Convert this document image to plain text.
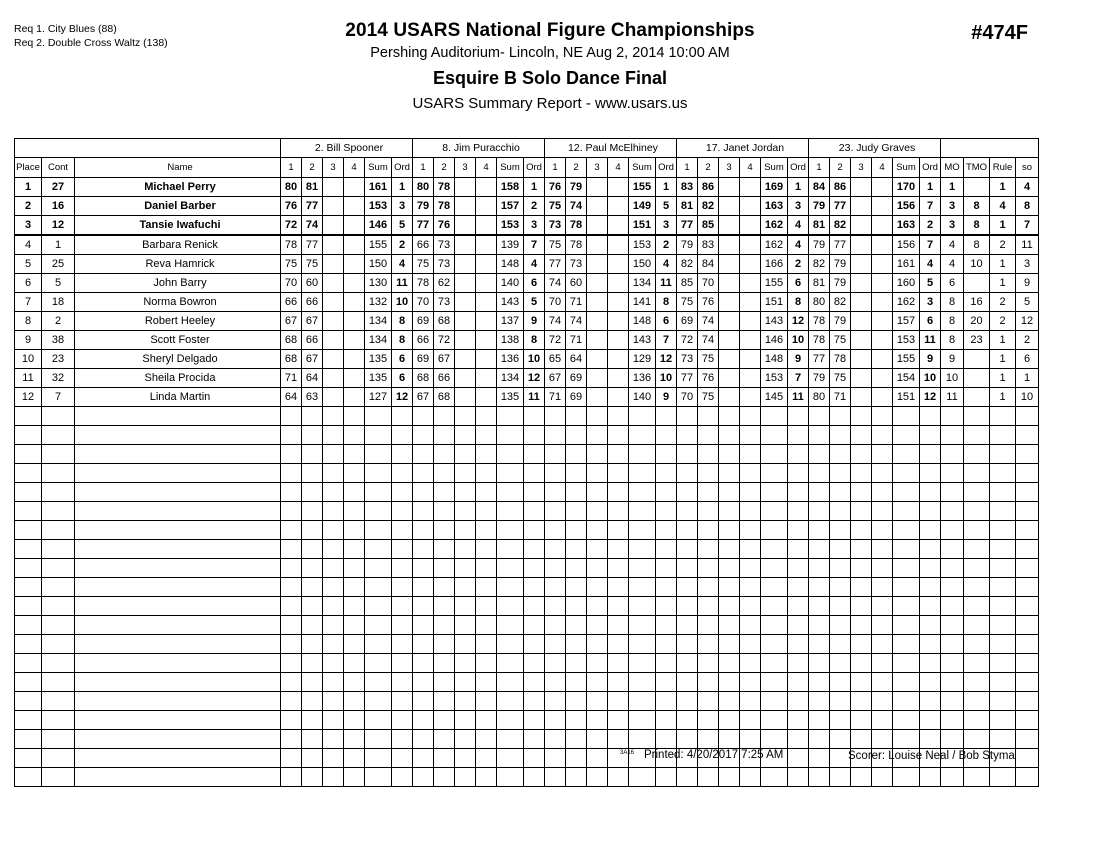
Req 1. City Blues (88)
Req 2. Double Cross Waltz (138)
2014 USARS National Figure Championships
Pershing Auditorium- Lincoln, NE Aug 2, 2014 10:00 AM
Esquire B Solo Dance Final
USARS Summary Report - www.usars.us
#474F
			2. Bill Spooner						8. Jim Puracchio						12. Paul McElhiney						17. Janet Jordan						23. Judy Graves									
Place	Cont	Name	1	2	3	4	Sum	Ord	1	2	3	4	Sum	Ord	1	2	3	4	Sum	Ord	1	2	3	4	Sum	Ord	1	2	3	4	Sum	Ord	MO	TMO	Rule	so
1	27	Michael Perry	80	81			161	1	80	78			158	1	76	79			155	1	83	86			169	1	84	86			170	1	1		1	4
2	16	Daniel Barber	76	77			153	3	79	78			157	2	75	74			149	5	81	82			163	3	79	77			156	7	3	8	4	8
3	12	Tansie Iwafuchi	72	74			146	5	77	76			153	3	73	78			151	3	77	85			162	4	81	82			163	2	3	8	1	7
4	1	Barbara Renick	78	77			155	2	66	73			139	7	75	78			153	2	79	83			162	4	79	77			156	7	4	8	2	11
5	25	Reva Hamrick	75	75			150	4	75	73			148	4	77	73			150	4	82	84			166	2	82	79			161	4	4	10	1	3
6	5	John Barry	70	60			130	11	78	62			140	6	74	60			134	11	85	70			155	6	81	79			160	5	6		1	9
7	18	Norma Bowron	66	66			132	10	70	73			143	5	70	71			141	8	75	76			151	8	80	82			162	3	8	16	2	5
8	2	Robert Heeley	67	67			134	8	69	68			137	9	74	74			148	6	69	74			143	12	78	79			157	6	8	20	2	12
9	38	Scott Foster	68	66			134	8	66	72			138	8	72	71			143	7	72	74			146	10	78	75			153	11	8	23	1	2
10	23	Sheryl Delgado	68	67			135	6	69	67			136	10	65	64			129	12	73	75			148	9	77	78			155	9	9		1	6
11	32	Sheila Procida	71	64			135	6	68	66			134	12	67	69			136	10	77	76			153	7	79	75			154	10	10		1	1
12	7	Linda Martin	64	63			127	12	67	68			135	11	71	69			140	9	70	75			145	11	80	71			151	12	11		1	10

3A16 Printed: 4/20/2017 7:25 AM	Scorer: Louise Neal / Bob Styma
